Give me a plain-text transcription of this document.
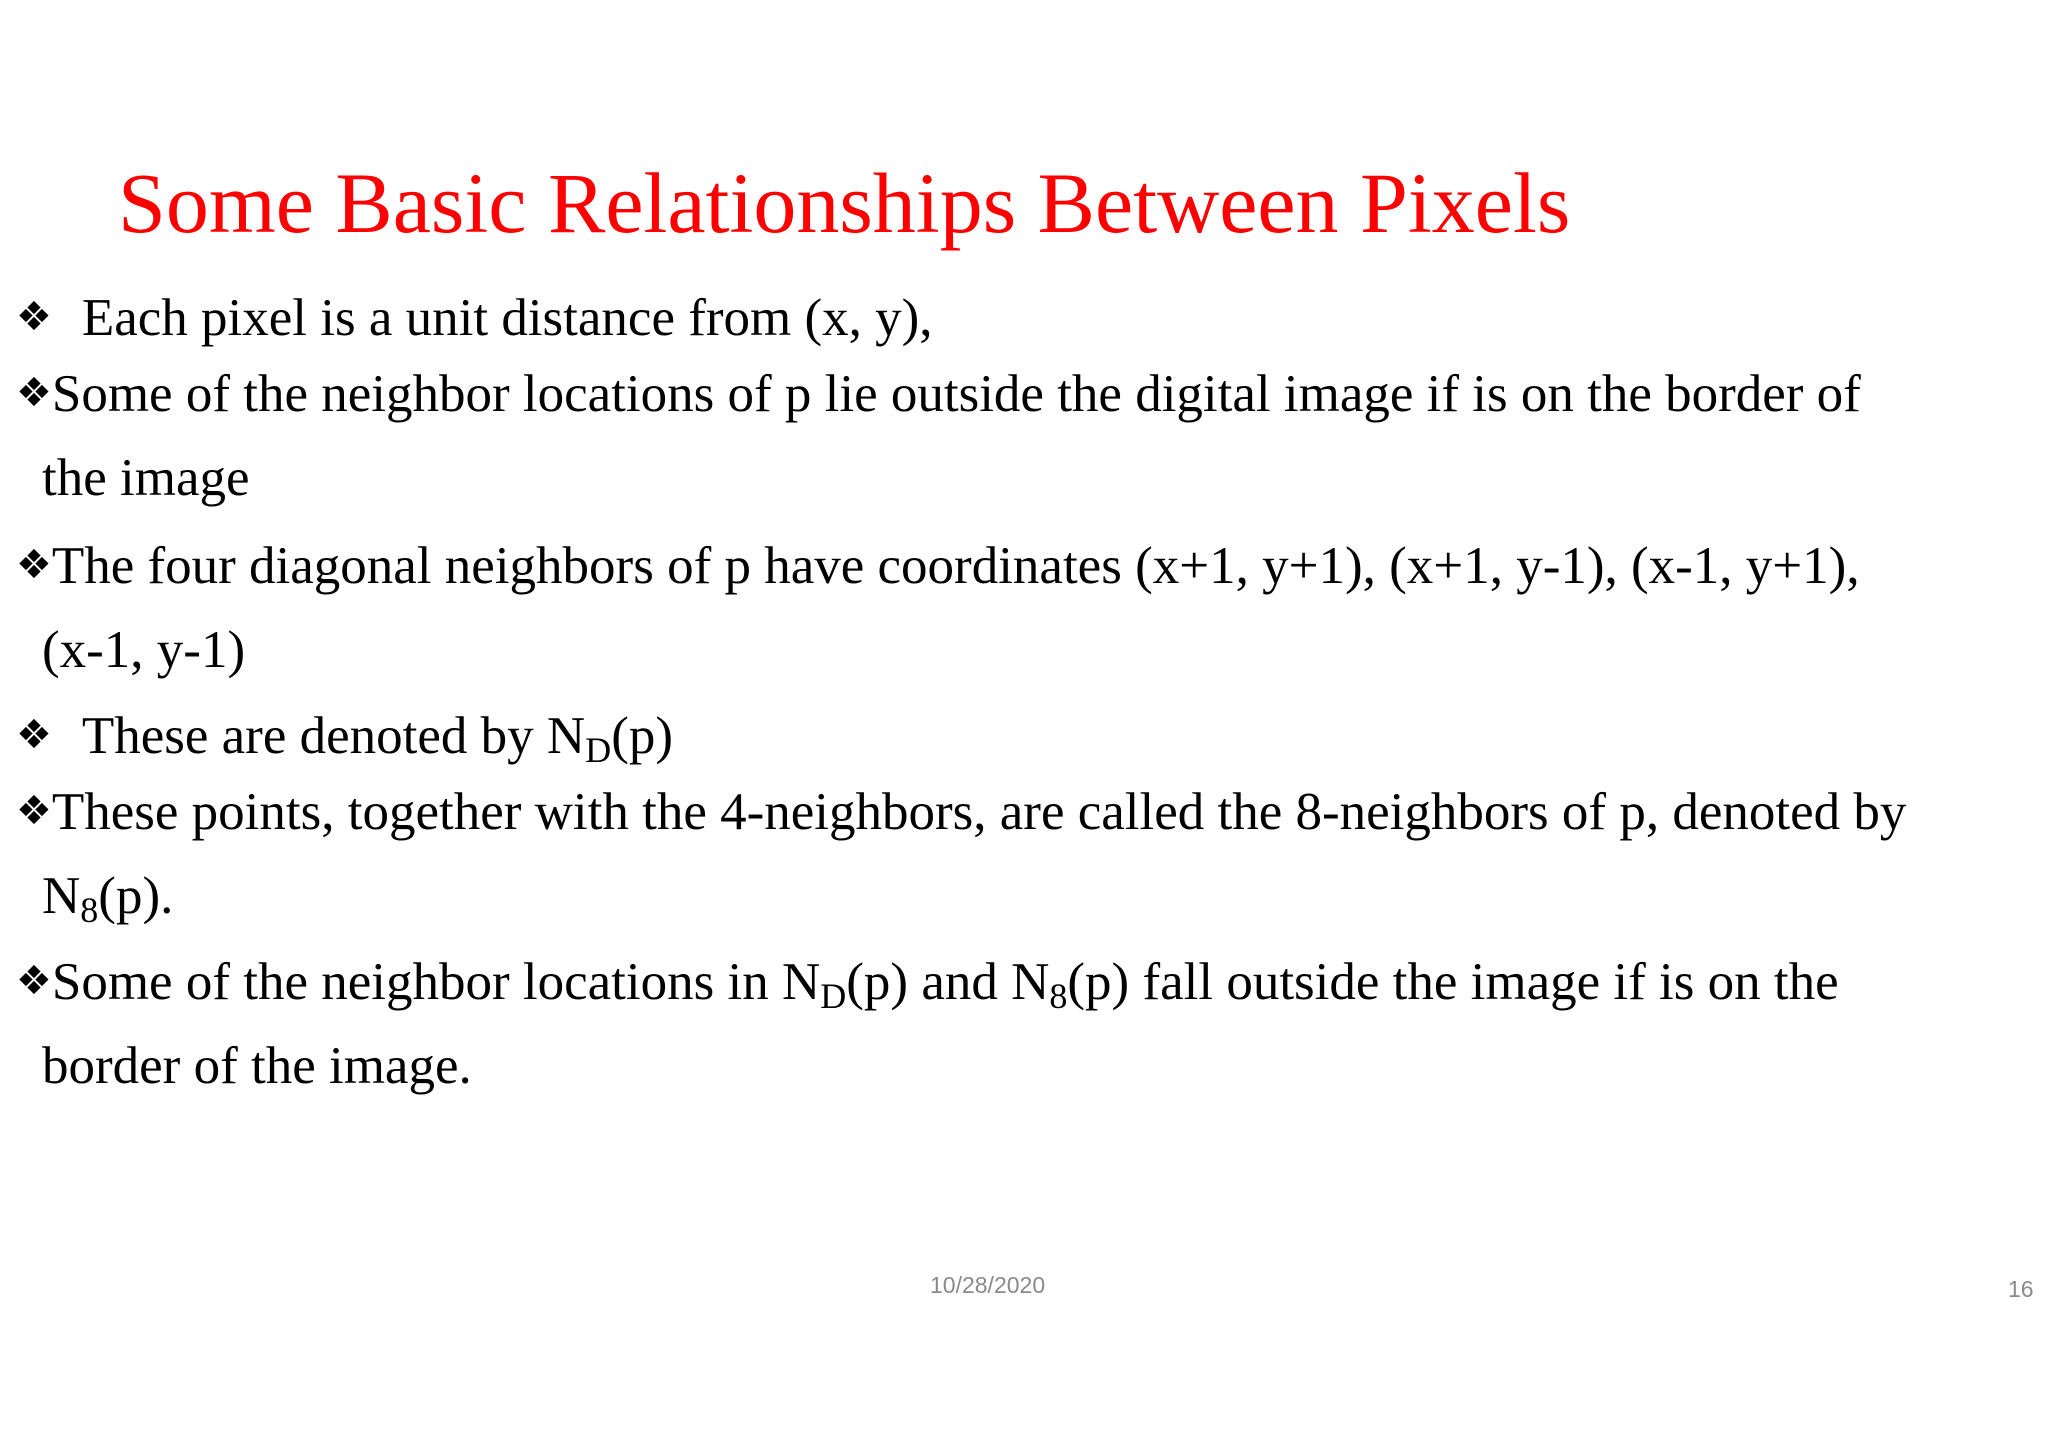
Some Basic Relationships Between Pixels
❖ Each pixel is a unit distance from (x, y),
❖Some of the neighbor locations of p lie outside the digital image if is on the border of
the image
❖The four diagonal neighbors of p have coordinates (x+1, y+1), (x+1, y-1), (x-1, y+1),
(x-1, y-1)
❖ These are denoted by $N_D(p)$
❖These points, together with the 4-neighbors, are called the 8-neighbors of p, denoted by
$N_8(p)$.
❖Some of the neighbor locations in $N_D(p)$ and $N_8(p)$ fall outside the image if is on the
border of the image.
10/28/2020	16
